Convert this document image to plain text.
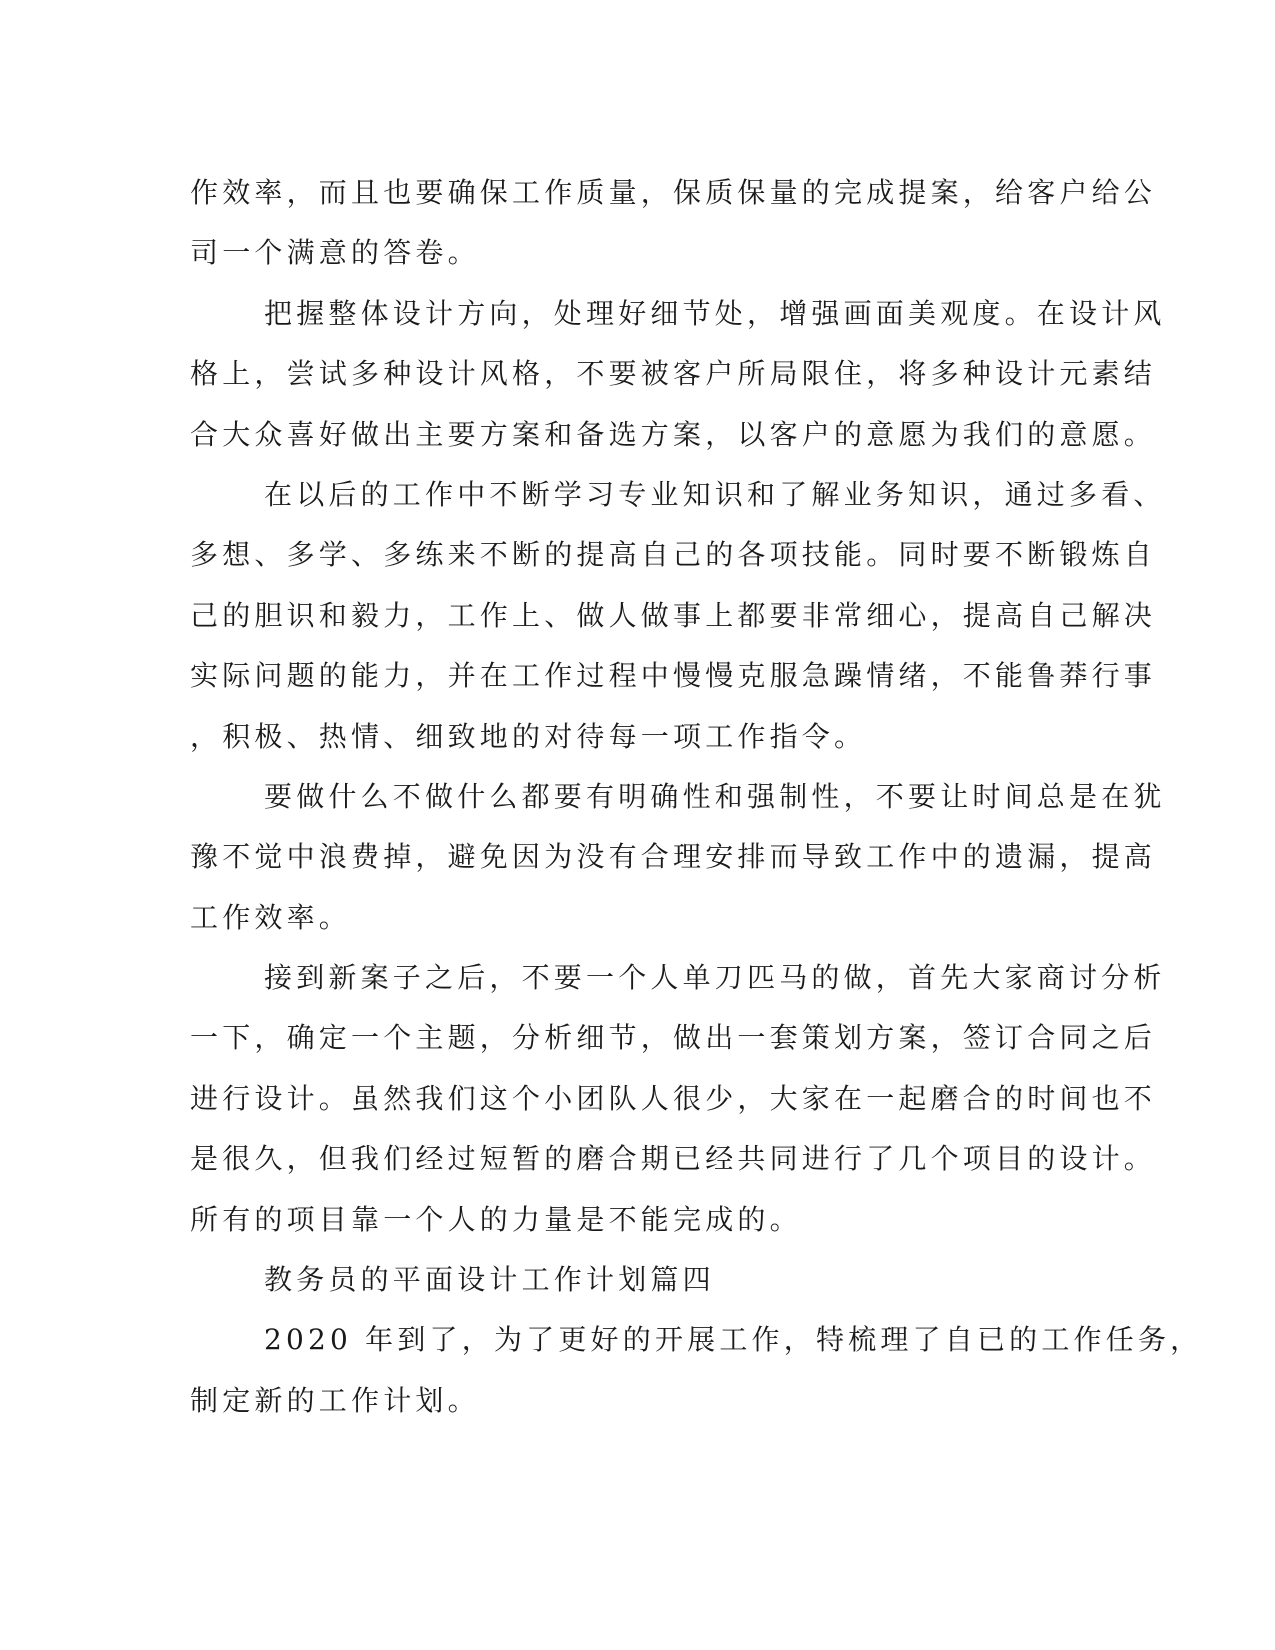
作效率，而且也要确保工作质量，保质保量的完成提案，给客户给公
司一个满意的答卷。
把握整体设计方向，处理好细节处，增强画面美观度。在设计风
格上，尝试多种设计风格，不要被客户所局限住，将多种设计元素结
合大众喜好做出主要方案和备选方案，以客户的意愿为我们的意愿。
在以后的工作中不断学习专业知识和了解业务知识，通过多看、
多想、多学、多练来不断的提高自己的各项技能。同时要不断锻炼自
己的胆识和毅力，工作上、做人做事上都要非常细心，提高自己解决
实际问题的能力，并在工作过程中慢慢克服急躁情绪，不能鲁莽行事
，积极、热情、细致地的对待每一项工作指令。
要做什么不做什么都要有明确性和强制性，不要让时间总是在犹
豫不觉中浪费掉，避免因为没有合理安排而导致工作中的遗漏，提高
工作效率。
接到新案子之后，不要一个人单刀匹马的做，首先大家商讨分析
一下，确定一个主题，分析细节，做出一套策划方案，签订合同之后
进行设计。虽然我们这个小团队人很少，大家在一起磨合的时间也不
是很久，但我们经过短暂的磨合期已经共同进行了几个项目的设计。
所有的项目靠一个人的力量是不能完成的。
教务员的平面设计工作计划篇四
2020 年到了，为了更好的开展工作，特梳理了自已的工作任务，
制定新的工作计划。
